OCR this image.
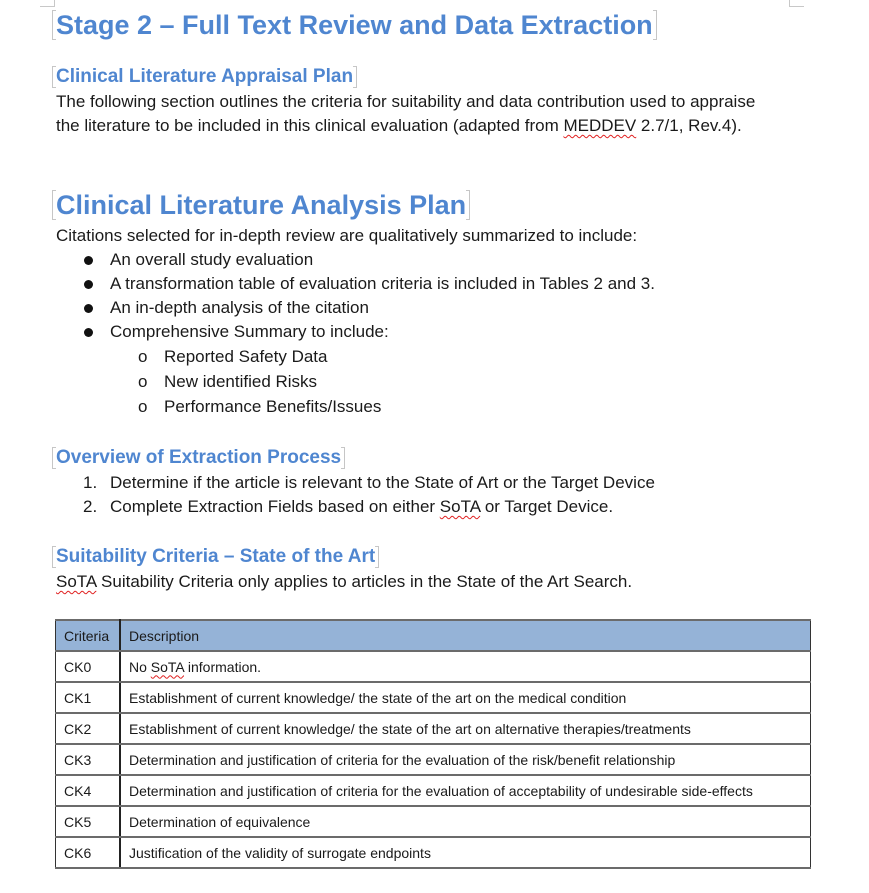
Stage 2 – Full Text Review and Data Extraction
Clinical Literature Appraisal Plan
The following section outlines the criteria for suitability and data contribution used to appraise the literature to be included in this clinical evaluation (adapted from MEDDEV 2.7/1, Rev.4).
Clinical Literature Analysis Plan
Citations selected for in-depth review are qualitatively summarized to include:
An overall study evaluation
A transformation table of evaluation criteria is included in Tables 2 and 3.
An in-depth analysis of the citation
Comprehensive Summary to include:
o Reported Safety Data
o New identified Risks
o Performance Benefits/Issues
Overview of Extraction Process
1. Determine if the article is relevant to the State of Art or the Target Device
2. Complete Extraction Fields based on either SoTA or Target Device.
Suitability Criteria – State of the Art
SoTA Suitability Criteria only applies to articles in the State of the Art Search.
Criteria	Description
CK0	No SoTA information.
CK1	Establishment of current knowledge/ the state of the art on the medical condition
CK2	Establishment of current knowledge/ the state of the art on alternative therapies/treatments
CK3	Determination and justification of criteria for the evaluation of the risk/benefit relationship
CK4	Determination and justification of criteria for the evaluation of acceptability of undesirable side-effects
CK5	Determination of equivalence
CK6	Justification of the validity of surrogate endpoints
